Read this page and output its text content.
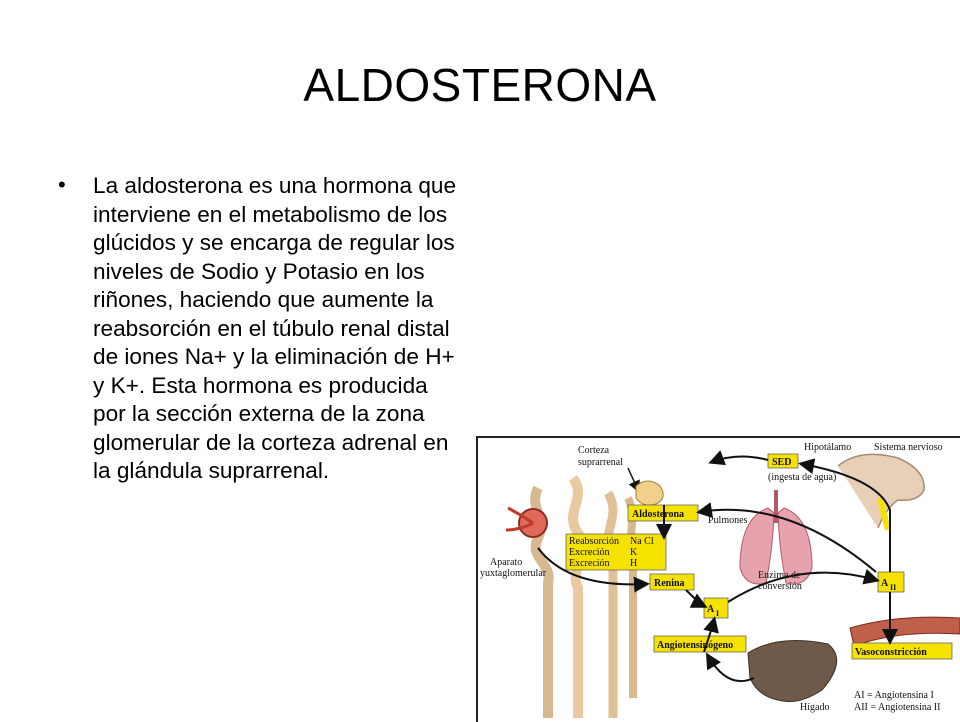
ALDOSTERONA
• La aldosterona es una hormona que interviene en el metabolismo de los glúcidos y se encarga de regular los niveles de Sodio y Potasio en los riñones, haciendo que aumente la reabsorción en el túbulo renal distal de iones Na+ y la eliminación de H+ y K+. Esta hormona es producida por la sección externa de la zona glomerular de la corteza adrenal en la glándula suprarrenal.
Corteza
suprarrenal
Aldosterona
Reabsorción Na Cl
Excreción K
Excreción H
Aparato
yuxtaglomerular
Renina
Hipotálamo Sistema nervioso
SED
(ingesta de agua)
Pulmones
Enzima de
conversión	A II
A I
Angiotensinógeno
Vasoconstricción
Hígado
AI = Angiotensina I
AII = Angiotensina II
